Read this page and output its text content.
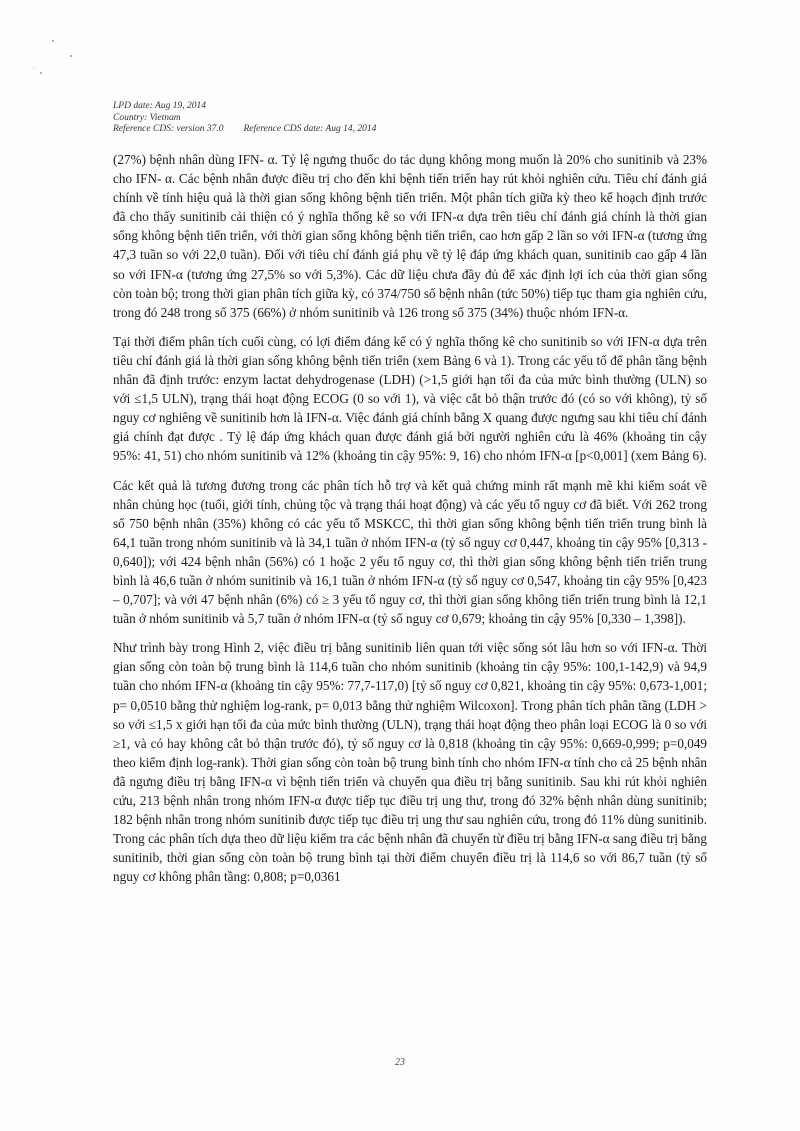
LPD date: Aug 19, 2014
Country: Vietnam
Reference CDS: version 37.0 Reference CDS date: Aug 14, 2014

(27%) bệnh nhân dùng IFN- α. Tỷ lệ ngưng thuốc do tác dụng không mong muốn là 20% cho sunitinib và 23% cho IFN- α. Các bệnh nhân được điều trị cho đến khi bệnh tiến triển hay rút khỏi nghiên cứu. Tiêu chí đánh giá chính về tính hiệu quả là thời gian sống không bệnh tiến triển. Một phân tích giữa kỳ theo kế hoạch định trước đã cho thấy sunitinib cải thiện có ý nghĩa thống kê so với IFN-α dựa trên tiêu chí đánh giá chính là thời gian sống không bệnh tiến triển, với thời gian sống không bệnh tiến triển, cao hơn gấp 2 lần so với IFN-α (tương ứng 47,3 tuần so với 22,0 tuần). Đối với tiêu chí đánh giá phụ về tỷ lệ đáp ứng khách quan, sunitinib cao gấp 4 lần so với IFN-α (tương ứng 27,5% so với 5,3%). Các dữ liệu chưa đầy đủ để xác định lợi ích của thời gian sống còn toàn bộ; trong thời gian phân tích giữa kỳ, có 374/750 số bệnh nhân (tức 50%) tiếp tục tham gia nghiên cứu, trong đó 248 trong số 375 (66%) ở nhóm sunitinib và 126 trong số 375 (34%) thuộc nhóm IFN-α.

Tại thời điểm phân tích cuối cùng, có lợi điểm đáng kể có ý nghĩa thống kê cho sunitinib so với IFN-α dựa trên tiêu chí đánh giá là thời gian sống không bệnh tiến triển (xem Bảng 6 và 1). Trong các yếu tố để phân tầng bệnh nhân đã định trước: enzym lactat dehydrogenase (LDH) (>1,5 giới hạn tối đa của mức bình thường (ULN) so với ≤1,5 ULN), trạng thái hoạt động ECOG (0 so với 1), và việc cắt bỏ thận trước đó (có so với không), tỷ số nguy cơ nghiêng về sunitinib hơn là IFN-α. Việc đánh giá chính bằng X quang được ngưng sau khi tiêu chí đánh giá chính đạt được . Tỷ lệ đáp ứng khách quan được đánh giá bởi người nghiên cứu là 46% (khoảng tin cậy 95%: 41, 51) cho nhóm sunitinib và 12% (khoảng tin cậy 95%: 9, 16) cho nhóm IFN-α [p<0,001] (xem Bảng 6).

Các kết quả là tương đương trong các phân tích hỗ trợ và kết quả chứng minh rất mạnh mẽ khi kiểm soát về nhân chủng học (tuổi, giới tính, chủng tộc và trạng thái hoạt động) và các yếu tố nguy cơ đã biết. Với 262 trong số 750 bệnh nhân (35%) không có các yếu tố MSKCC, thì thời gian sống không bệnh tiến triển trung bình là 64,1 tuần trong nhóm sunitinib và là 34,1 tuần ở nhóm IFN-α (tỷ số nguy cơ 0,447, khoảng tin cậy 95% [0,313 - 0,640]); với 424 bệnh nhân (56%) có 1 hoặc 2 yếu tố nguy cơ, thì thời gian sống không bệnh tiến triển trung bình là 46,6 tuần ở nhóm sunitinib và 16,1 tuần ở nhóm IFN-α (tỷ số nguy cơ 0,547, khoảng tin cậy 95% [0,423 – 0,707]; và với 47 bệnh nhân (6%) có ≥ 3 yếu tố nguy cơ, thì thời gian sống không tiến triển trung bình là 12,1 tuần ở nhóm sunitinib và 5,7 tuần ở nhóm IFN-α (tỷ số nguy cơ 0,679; khoảng tin cậy 95% [0,330 – 1,398]).

Như trình bày trong Hình 2, việc điều trị bằng sunitinib liên quan tới việc sống sót lâu hơn so với IFN-α. Thời gian sống còn toàn bộ trung bình là 114,6 tuần cho nhóm sunitinib (khoảng tin cậy 95%: 100,1-142,9) và 94,9 tuần cho nhóm IFN-α (khoảng tin cậy 95%: 77,7-117,0) [tỷ số nguy cơ 0,821, khoảng tin cậy 95%: 0,673-1,001; p= 0,0510 bằng thử nghiệm log-rank, p= 0,013 bằng thử nghiệm Wilcoxon]. Trong phân tích phân tầng (LDH > so với ≤1,5 x giới hạn tối đa của mức bình thường (ULN), trạng thái hoạt động theo phân loại ECOG là 0 so với ≥1, và có hay không cắt bỏ thận trước đó), tỷ số nguy cơ là 0,818 (khoảng tin cậy 95%: 0,669-0,999; p=0,049 theo kiểm định log-rank). Thời gian sống còn toàn bộ trung bình tính cho nhóm IFN-α tính cho cả 25 bệnh nhân đã ngưng điều trị bằng IFN-α vì bệnh tiến triển và chuyển qua điều trị bằng sunitinib. Sau khi rút khỏi nghiên cứu, 213 bệnh nhân trong nhóm IFN-α được tiếp tục điều trị ung thư, trong đó 32% bệnh nhân dùng sunitinib; 182 bệnh nhân trong nhóm sunitinib được tiếp tục điều trị ung thư sau nghiên cứu, trong đó 11% dùng sunitinib. Trong các phân tích dựa theo dữ liệu kiểm tra các bệnh nhân đã chuyển từ điều trị bằng IFN-α sang điều trị bằng sunitinib, thời gian sống còn toàn bộ trung bình tại thời điểm chuyển điều trị là 114,6 so với 86,7 tuần (tỷ số nguy cơ không phân tầng: 0,808; p=0,0361

23
